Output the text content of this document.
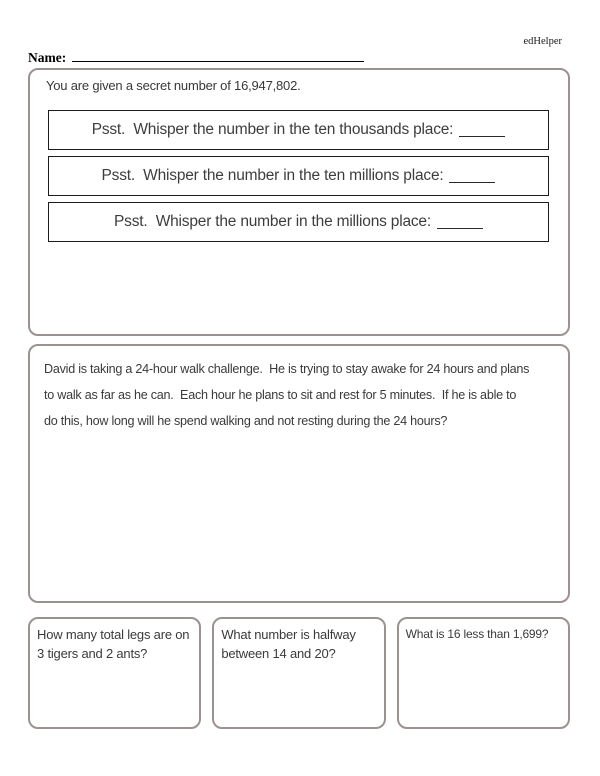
edHelper
Name:
You are given a secret number of 16,947,802.
Psst.  Whisper the number in the ten thousands place:
Psst.  Whisper the number in the ten millions place:
Psst.  Whisper the number in the millions place:
David is taking a 24-hour walk challenge.  He is trying to stay awake for 24 hours and plans
to walk as far as he can.  Each hour he plans to sit and rest for 5 minutes.  If he is able to
do this, how long will he spend walking and not resting during the 24 hours?
How many total legs are on 3 tigers and 2 ants?
What number is halfway between 14 and 20?
What is 16 less than 1,699?
